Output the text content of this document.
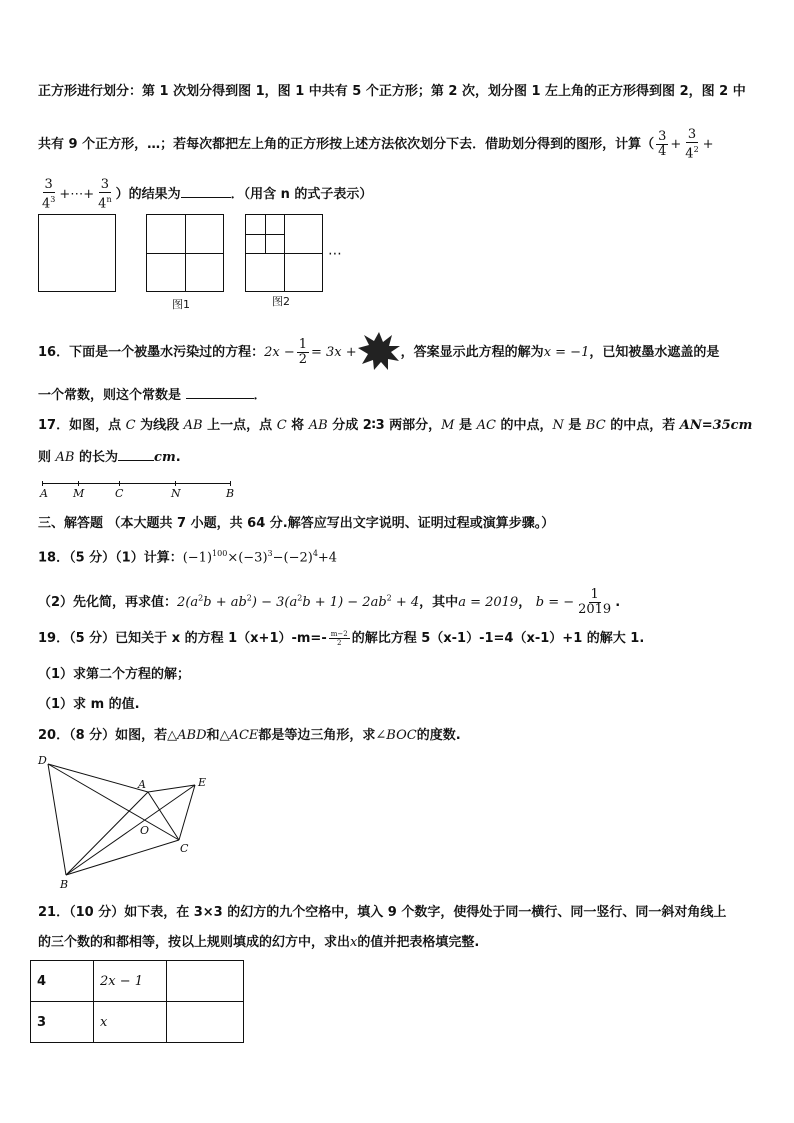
正方形进行划分：第 1 次划分得到图 1，图 1 中共有 5 个正方形；第 2 次，划分图 1 左上角的正方形得到图 2，图 2 中
共有 9 个正方形，…；若每次都把左上角的正方形按上述方法依次划分下去．借助划分得到的图形，计算（ $\frac{3}{4} + \frac{3}{4^2}$ +
$\frac{3}{4^3}$ +⋯+ $\frac{3}{4^n}$ ）的结果为	．（用含 n 的式子表示）
图1	图2
⋯
16．下面是一个被墨水污染过的方程：$2x - \frac{1}{2} = 3x$ +	，答案显示此方程的解为x = −1，已知被墨水遮盖的是
一个常数，则这个常数是	．
17．如图，点 C 为线段 AB 上一点，点 C 将 AB 分成 2∶3 两部分，M 是 AC 的中点，N 是 BC 的中点，若 AN=35cm
则 AB 的长为	cm.
A M	C	N	B
三、解答题 （本大题共 7 小题，共 64 分.解答应写出文字说明、证明过程或演算步骤。）
18．（5 分）（1）计算：$(-1)^{100}\times(-3)^3-(-2)^4+4$
（2）先化简，再求值：$2(a^2b + ab^2) - 3(a^2b + 1) - 2ab^2 + 4$，其中a = 2019， b = − $\frac{1}{2019}$ .
19．（5 分）已知关于 x 的方程 $1(x+1)-m=- \frac{m-2}{2}$ 的解比方程 5（x-1）-1=4（x-1）+1 的解大 1.
（1）求第二个方程的解；
（1）求 m 的值.
20．（8 分）如图，若△ABD和△ACE都是等边三角形，求∠BOC的度数.
D
A	E
O
C
B
21．（10 分）如下表，在 3×3 的幻方的九个空格中，填入 9 个数字，使得处于同一横行、同一竖行、同一斜对角线上
的三个数的和都相等，按以上规则填成的幻方中，求出x的值并把表格填完整.
4	2x − 1	
3	x	
